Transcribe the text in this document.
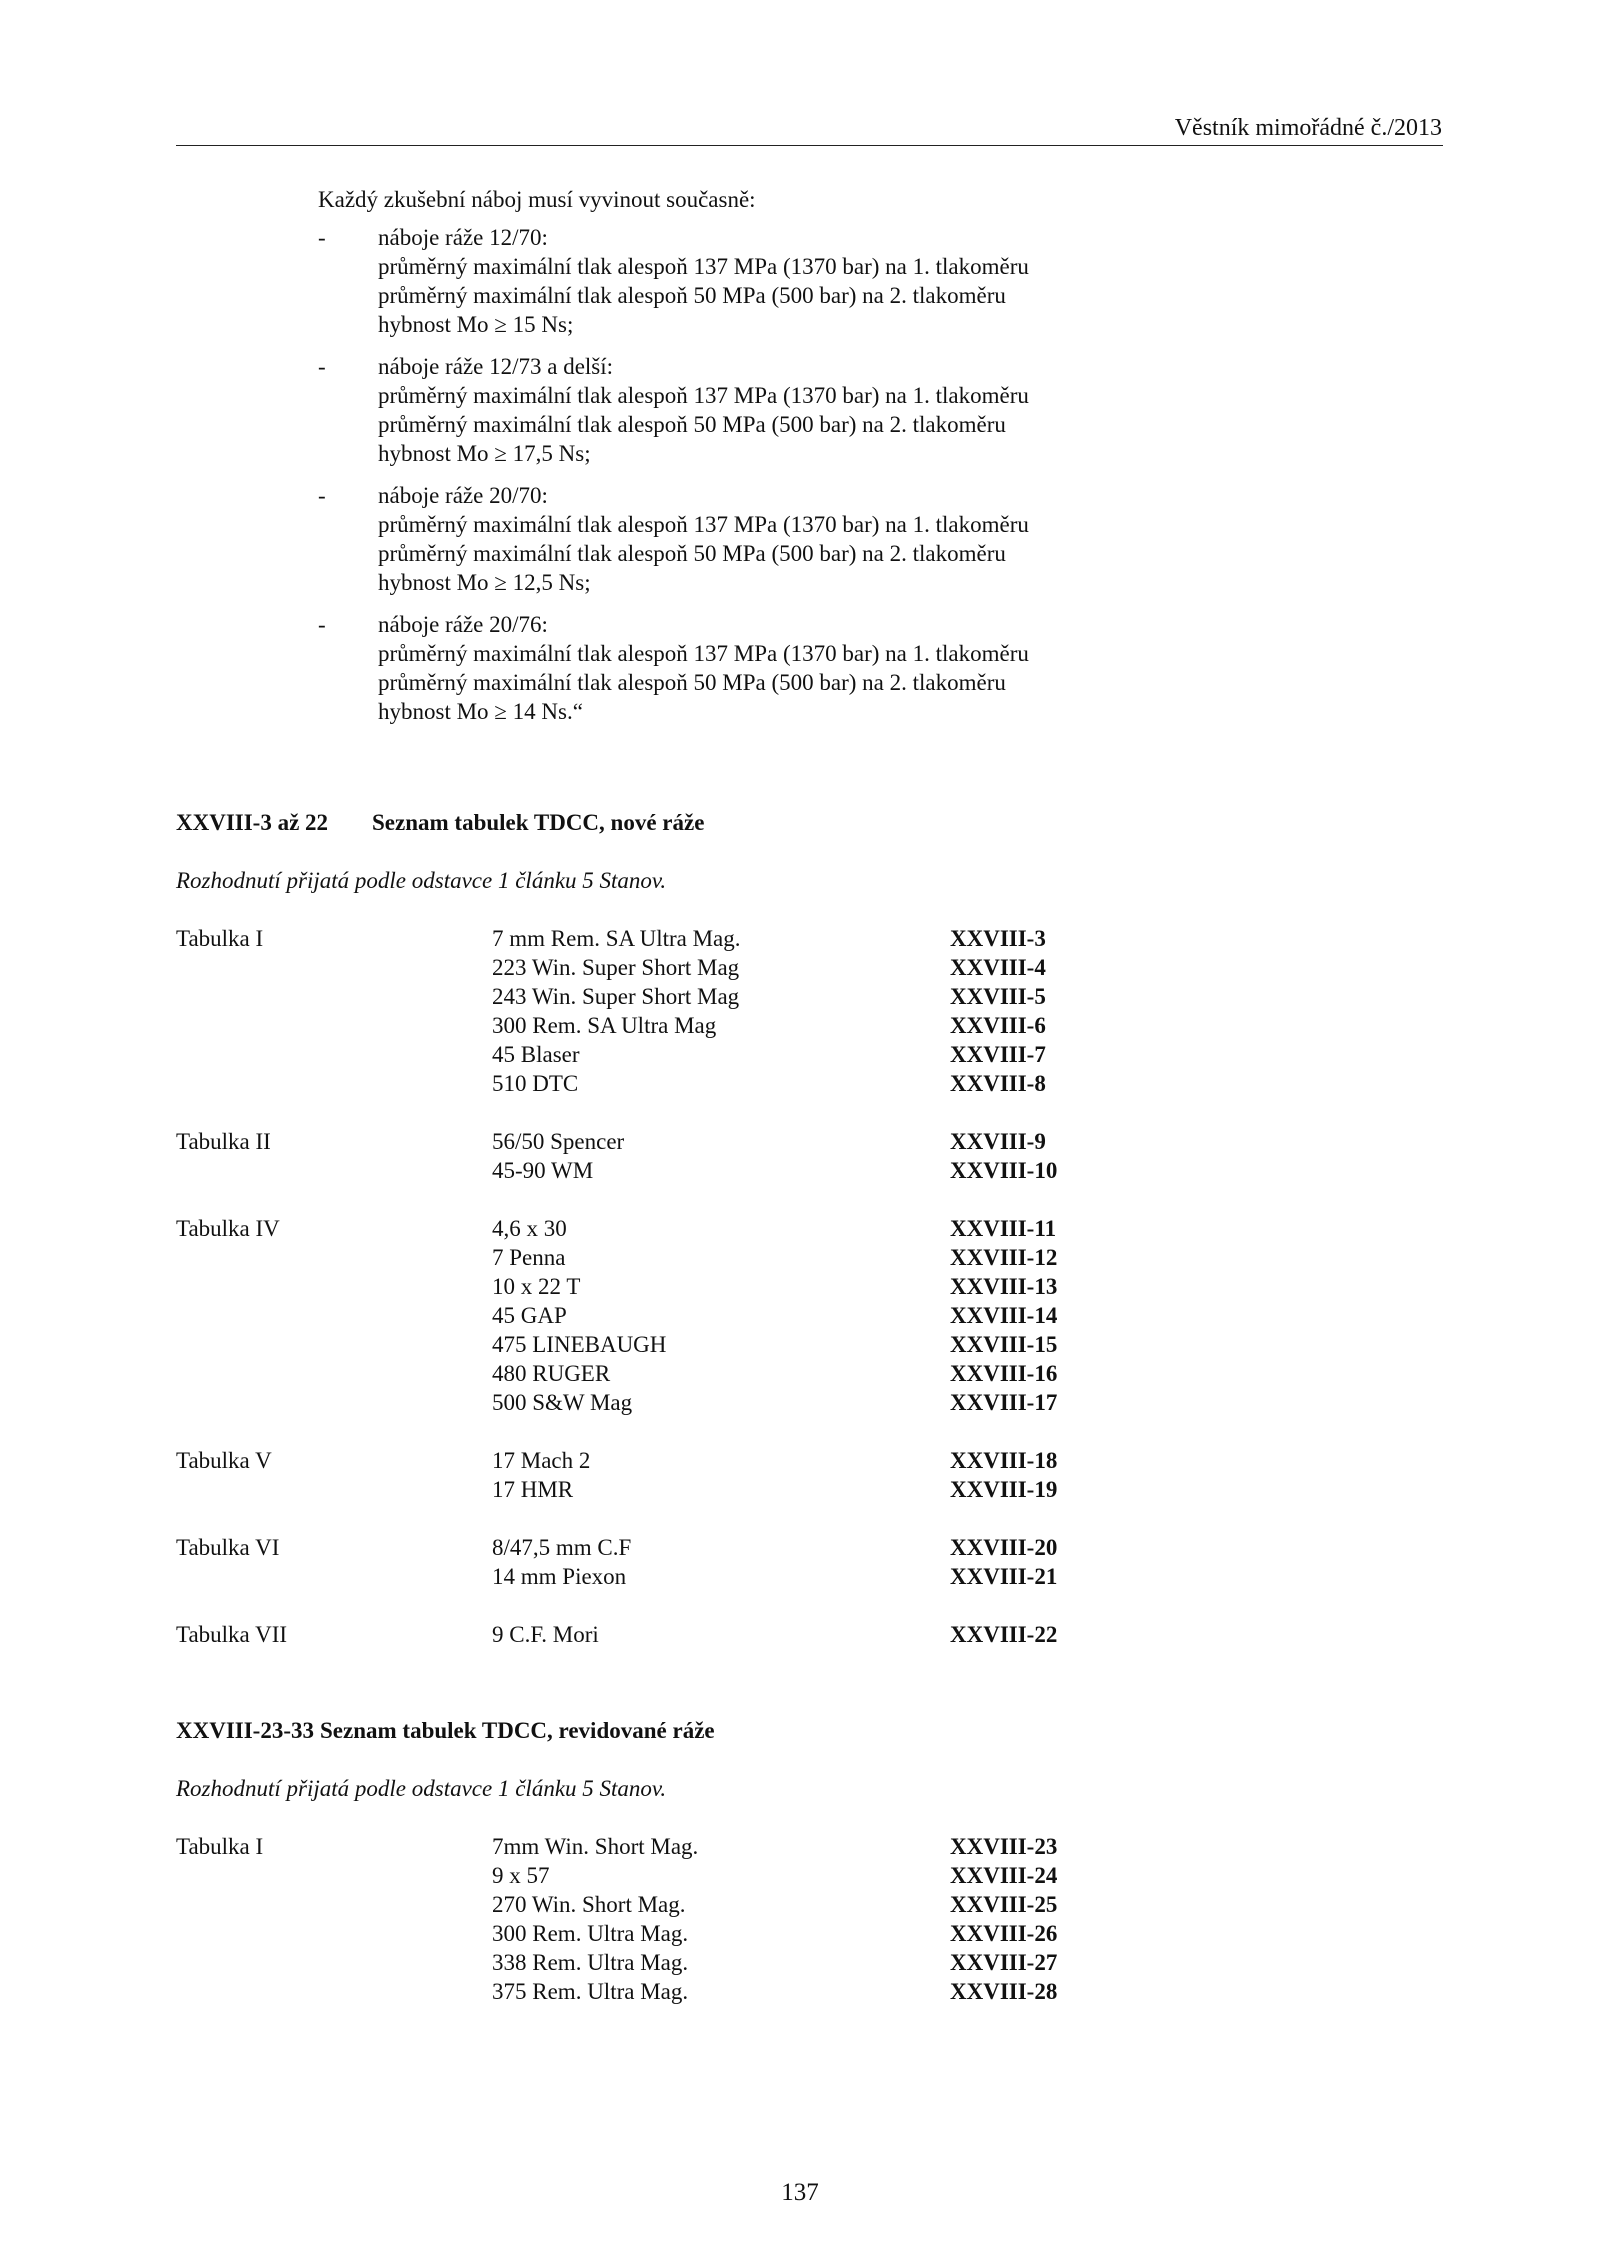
Věstník mimořádné č./2013
Každý zkušební náboj musí vyvinout současně:
- náboje ráže 12/70:
průměrný maximální tlak alespoň 137 MPa (1370 bar) na 1. tlakoměru
průměrný maximální tlak alespoň 50 MPa (500 bar) na 2. tlakoměru
hybnost Mo ≥ 15 Ns;
- náboje ráže 12/73 a delší:
průměrný maximální tlak alespoň 137 MPa (1370 bar) na 1. tlakoměru
průměrný maximální tlak alespoň 50 MPa (500 bar) na 2. tlakoměru
hybnost Mo ≥ 17,5 Ns;
- náboje ráže 20/70:
průměrný maximální tlak alespoň 137 MPa (1370 bar) na 1. tlakoměru
průměrný maximální tlak alespoň 50 MPa (500 bar) na 2. tlakoměru
hybnost Mo ≥ 12,5 Ns;
- náboje ráže 20/76:
průměrný maximální tlak alespoň 137 MPa (1370 bar) na 1. tlakoměru
průměrný maximální tlak alespoň 50 MPa (500 bar) na 2. tlakoměru
hybnost Mo ≥ 14 Ns.“
XXVIII-3 až 22 Seznam tabulek TDCC, nové ráže
Rozhodnutí přijatá podle odstavce 1 článku 5 Stanov.
Tabulka I	7 mm Rem. SA Ultra Mag.	XXVIII-3
223 Win. Super Short Mag	XXVIII-4
243 Win. Super Short Mag	XXVIII-5
300 Rem. SA Ultra Mag	XXVIII-6
45 Blaser	XXVIII-7
510 DTC	XXVIII-8
Tabulka II	56/50 Spencer	XXVIII-9
45-90 WM	XXVIII-10
Tabulka IV	4,6 x 30	XXVIII-11
7 Penna	XXVIII-12
10 x 22 T	XXVIII-13
45 GAP	XXVIII-14
475 LINEBAUGH	XXVIII-15
480 RUGER	XXVIII-16
500 S&W Mag	XXVIII-17
Tabulka V	17 Mach 2	XXVIII-18
17 HMR	XXVIII-19
Tabulka VI	8/47,5 mm C.F	XXVIII-20
14 mm Piexon	XXVIII-21
Tabulka VII	9 C.F. Mori	XXVIII-22
XXVIII-23-33 Seznam tabulek TDCC, revidované ráže
Rozhodnutí přijatá podle odstavce 1 článku 5 Stanov.
Tabulka I	7mm Win. Short Mag.	XXVIII-23
9 x 57	XXVIII-24
270 Win. Short Mag.	XXVIII-25
300 Rem. Ultra Mag.	XXVIII-26
338 Rem. Ultra Mag.	XXVIII-27
375 Rem. Ultra Mag.	XXVIII-28
137
